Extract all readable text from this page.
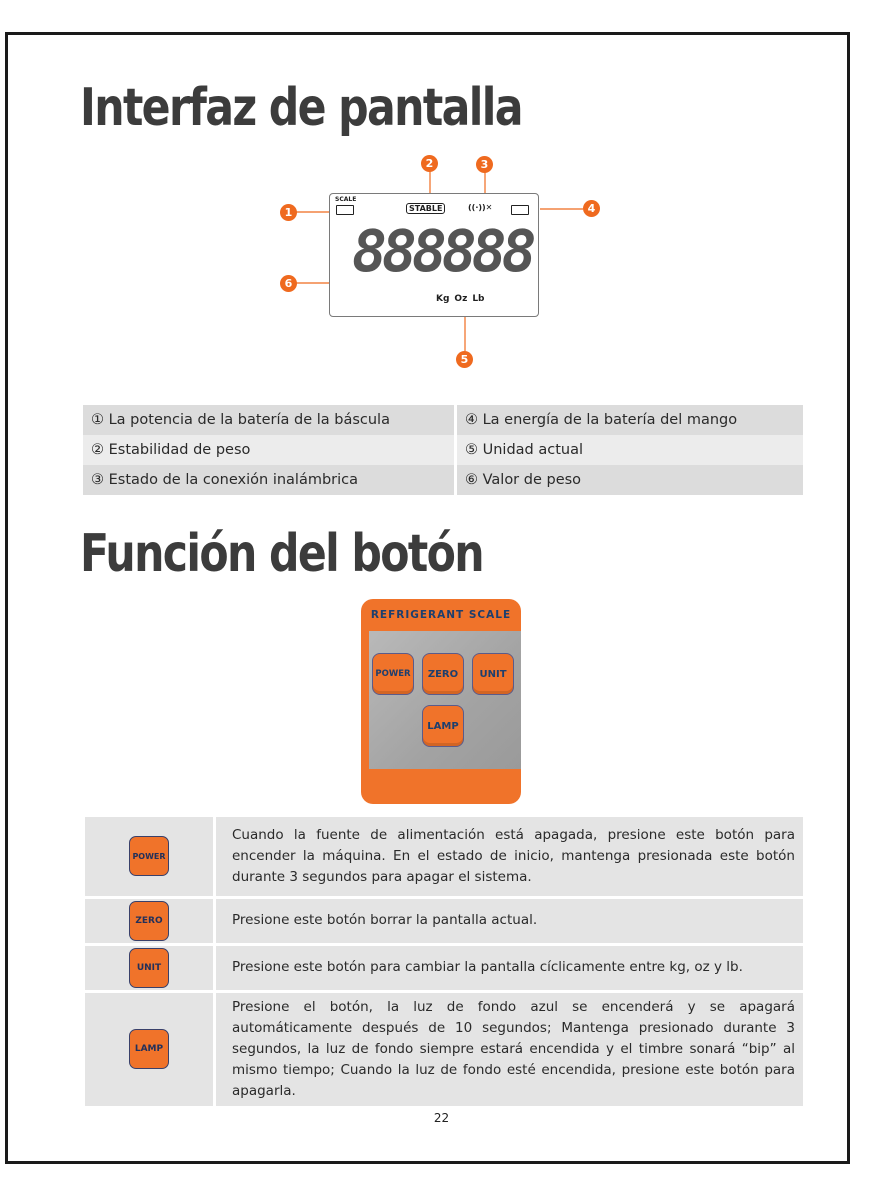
Interfaz de pantalla
SCALE
STABLE	((·))✕
888888
Kg Oz Lb
1
2	3
4
5
6
① La potencia de la batería de la báscula	④ La energía de la batería del mango
② Estabilidad de peso	⑤ Unidad actual
③ Estado de la conexión inalámbrica	⑥ Valor de peso
Función del botón
REFRIGERANT SCALE
POWER	ZERO	UNIT
LAMP
POWER	Cuando la fuente de alimentación está apagada, presione este botón para encender la máquina. En el estado de inicio, mantenga presionada este botón durante 3 segundos para apagar el sistema.
ZERO	Presione este botón borrar la pantalla actual.
UNIT	Presione este botón para cambiar la pantalla cíclicamente entre kg, oz y lb.
LAMP	Presione el botón, la luz de fondo azul se encenderá y se apagará automáticamente después de 10 segundos; Mantenga presionado durante 3 segundos, la luz de fondo siempre estará encendida y el timbre sonará “bip” al mismo tiempo; Cuando la luz de fondo esté encendida, presione este botón para apagarla.
22
